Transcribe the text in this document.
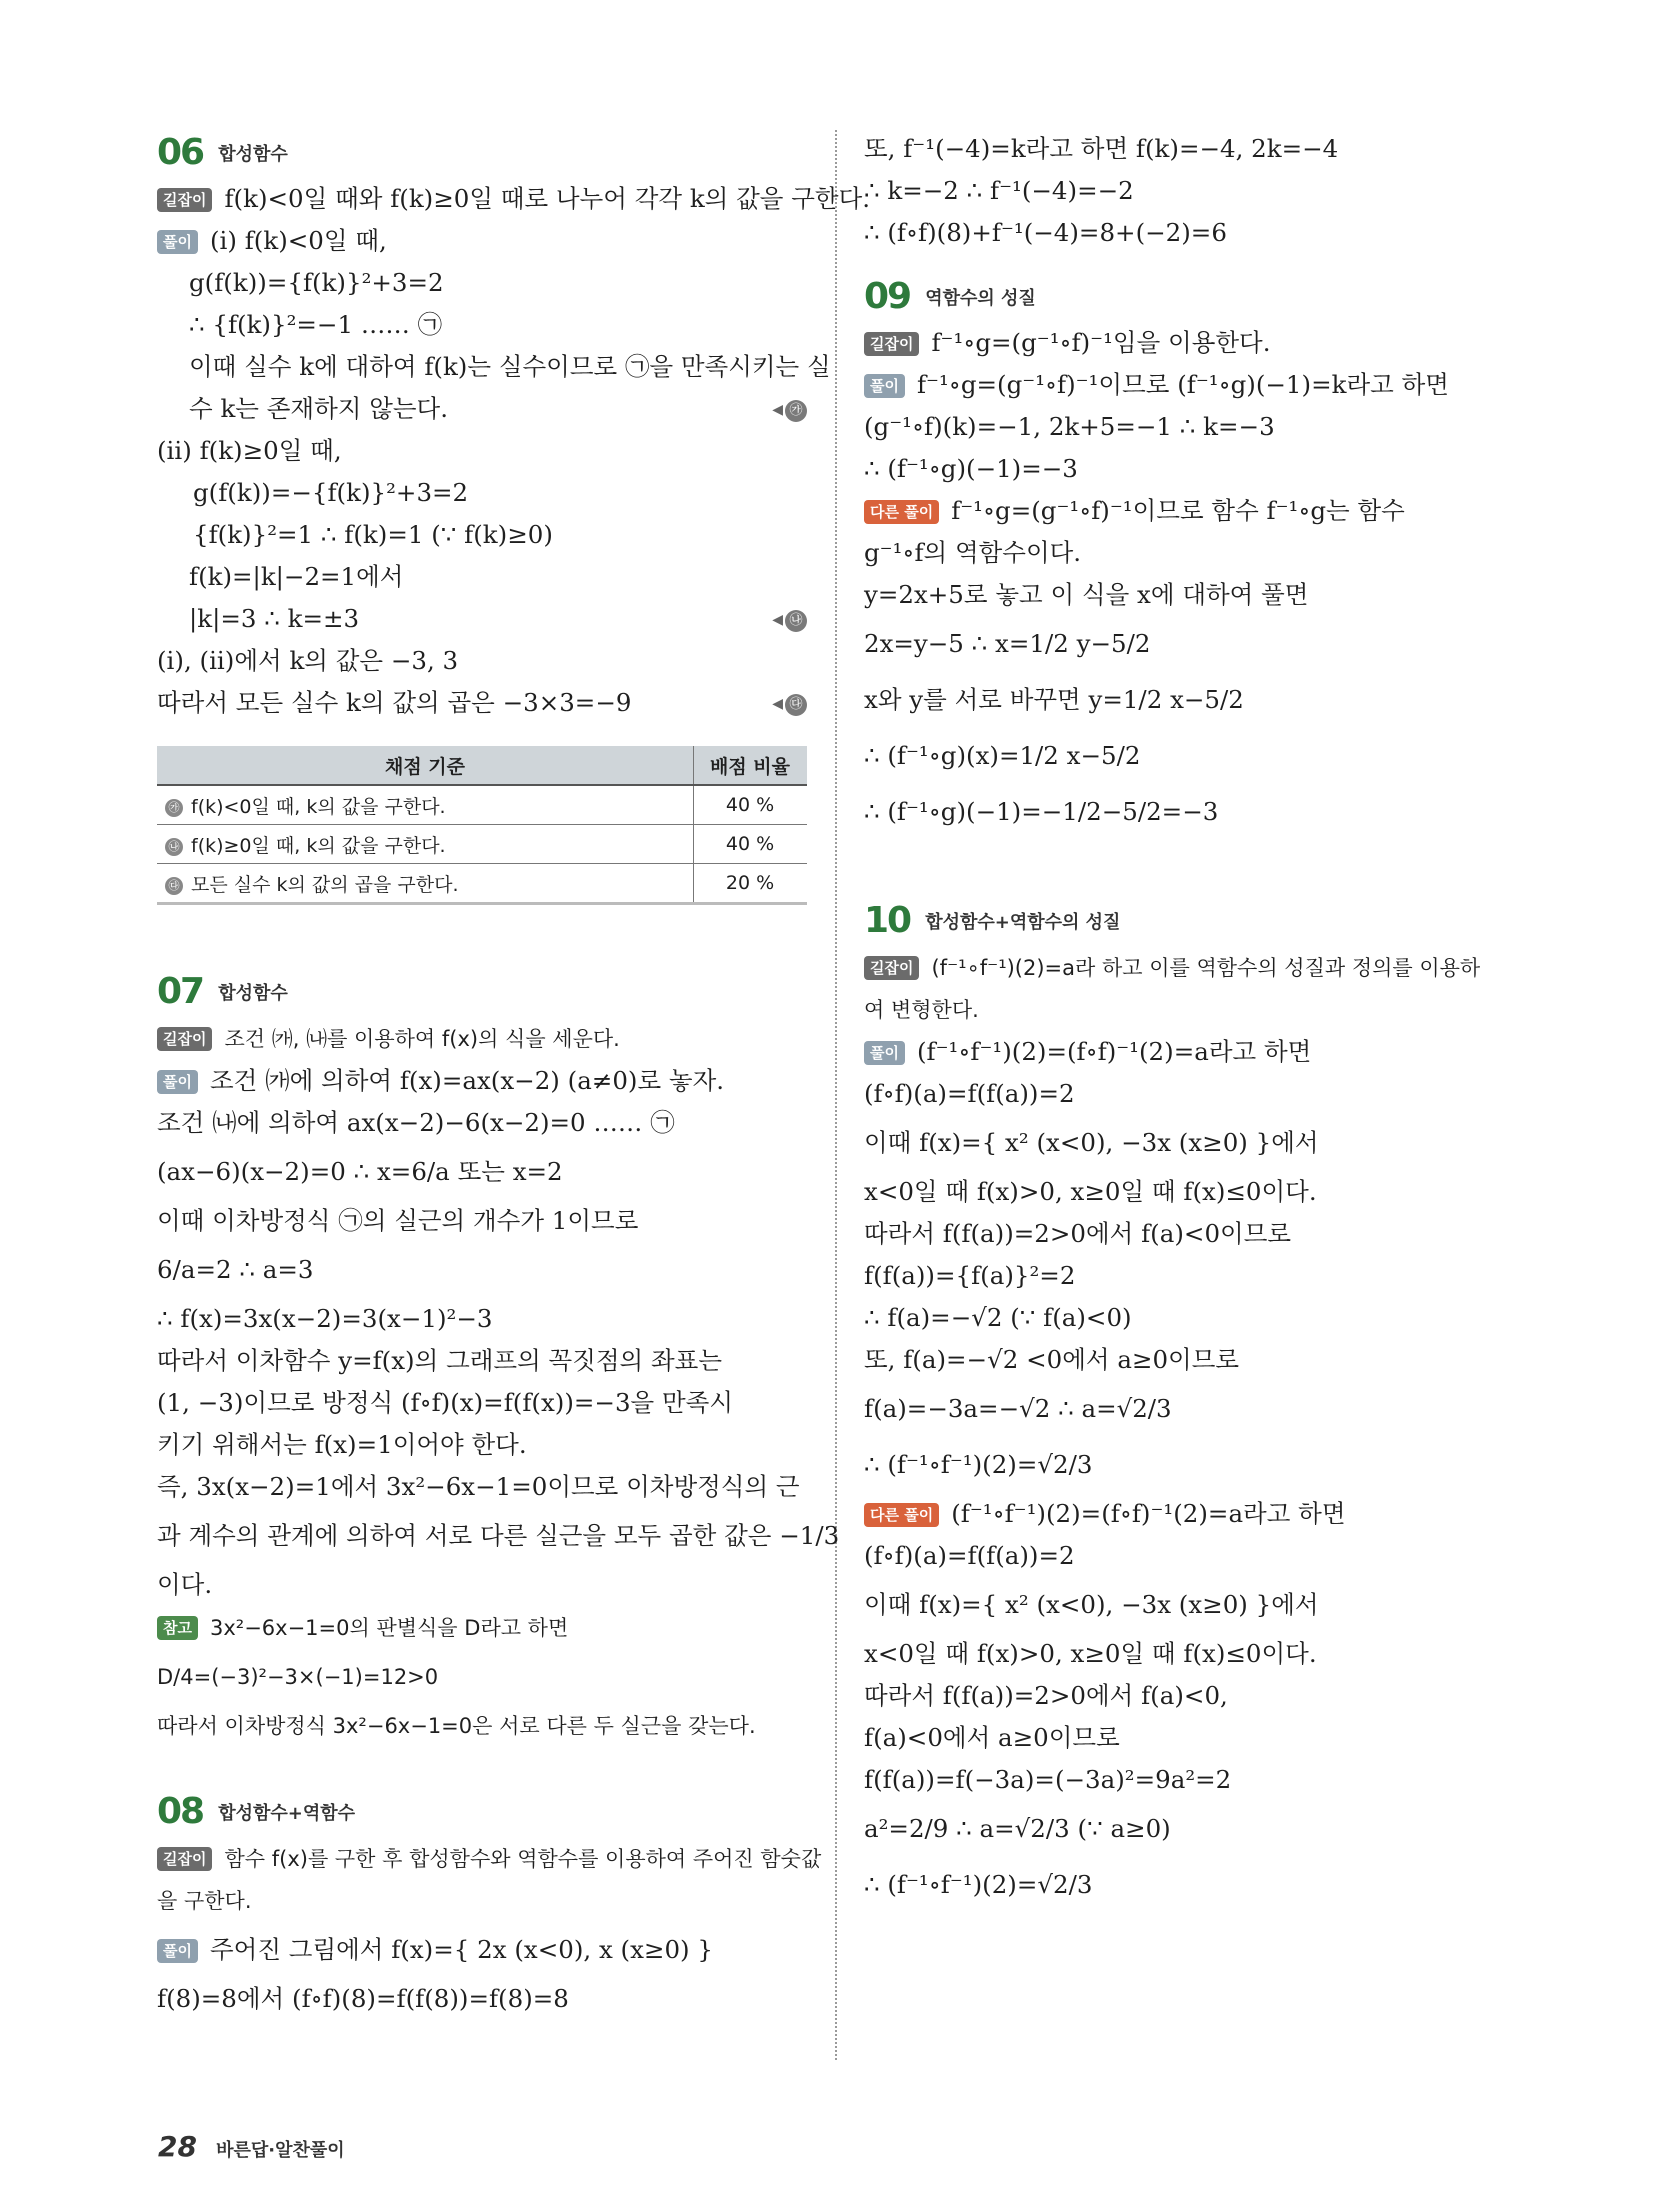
06 합성함수
길잡이 f(k)<0일 때와 f(k)≥0일 때로 나누어 각각 k의 값을 구한다.
풀이 (i) f(k)<0일 때,
g(f(k))={f(k)}²+3=2
∴ {f(k)}²=−1 …… ㉠
이때 실수 k에 대하여 f(k)는 실수이므로 ㉠을 만족시키는 실
수 k는 존재하지 않는다.	◀ ㉮
(ii) f(k)≥0일 때,
g(f(k))=−{f(k)}²+3=2
{f(k)}²=1 ∴ f(k)=1 (∵ f(k)≥0)
f(k)=|k|−2=1에서
|k|=3 ∴ k=±3	◀ ㉯
(i), (ii)에서 k의 값은 −3, 3
따라서 모든 실수 k의 값의 곱은 −3×3=−9	◀ ㉰
채점 기준	배점 비율
㉮ f(k)<0일 때, k의 값을 구한다.	40 %
㉯ f(k)≥0일 때, k의 값을 구한다.	40 %
㉰ 모든 실수 k의 값의 곱을 구한다.	20 %
07 합성함수
길잡이 조건 ㈎, ㈏를 이용하여 f(x)의 식을 세운다.
풀이 조건 ㈎에 의하여 f(x)=ax(x−2) (a≠0)로 놓자.
조건 ㈏에 의하여 ax(x−2)−6(x−2)=0 …… ㉠
(ax−6)(x−2)=0 ∴ x=6/a 또는 x=2
이때 이차방정식 ㉠의 실근의 개수가 1이므로
6/a=2 ∴ a=3
∴ f(x)=3x(x−2)=3(x−1)²−3
따라서 이차함수 y=f(x)의 그래프의 꼭짓점의 좌표는
(1, −3)이므로 방정식 (f∘f)(x)=f(f(x))=−3을 만족시
키기 위해서는 f(x)=1이어야 한다.
즉, 3x(x−2)=1에서 3x²−6x−1=0이므로 이차방정식의 근
과 계수의 관계에 의하여 서로 다른 실근을 모두 곱한 값은 −1/3
이다.
참고 3x²−6x−1=0의 판별식을 D라고 하면
D/4=(−3)²−3×(−1)=12>0
따라서 이차방정식 3x²−6x−1=0은 서로 다른 두 실근을 갖는다.
08 합성함수+역함수
길잡이 함수 f(x)를 구한 후 합성함수와 역함수를 이용하여 주어진 함숫값
을 구한다.
풀이 주어진 그림에서 f(x)={ 2x (x<0), x (x≥0) }
f(8)=8에서 (f∘f)(8)=f(f(8))=f(8)=8
또, f⁻¹(−4)=k라고 하면 f(k)=−4, 2k=−4
∴ k=−2 ∴ f⁻¹(−4)=−2
∴ (f∘f)(8)+f⁻¹(−4)=8+(−2)=6
09 역함수의 성질
길잡이 f⁻¹∘g=(g⁻¹∘f)⁻¹임을 이용한다.
풀이 f⁻¹∘g=(g⁻¹∘f)⁻¹이므로 (f⁻¹∘g)(−1)=k라고 하면
(g⁻¹∘f)(k)=−1, 2k+5=−1 ∴ k=−3
∴ (f⁻¹∘g)(−1)=−3
다른 풀이 f⁻¹∘g=(g⁻¹∘f)⁻¹이므로 함수 f⁻¹∘g는 함수
g⁻¹∘f의 역함수이다.
y=2x+5로 놓고 이 식을 x에 대하여 풀면
2x=y−5 ∴ x=1/2 y−5/2
x와 y를 서로 바꾸면 y=1/2 x−5/2
∴ (f⁻¹∘g)(x)=1/2 x−5/2
∴ (f⁻¹∘g)(−1)=−1/2−5/2=−3
10 합성함수+역함수의 성질
길잡이 (f⁻¹∘f⁻¹)(2)=a라 하고 이를 역함수의 성질과 정의를 이용하
여 변형한다.
풀이 (f⁻¹∘f⁻¹)(2)=(f∘f)⁻¹(2)=a라고 하면
(f∘f)(a)=f(f(a))=2
이때 f(x)={ x² (x<0), −3x (x≥0) }에서
x<0일 때 f(x)>0, x≥0일 때 f(x)≤0이다.
따라서 f(f(a))=2>0에서 f(a)<0이므로
f(f(a))={f(a)}²=2
∴ f(a)=−√2 (∵ f(a)<0)
또, f(a)=−√2 <0에서 a≥0이므로
f(a)=−3a=−√2 ∴ a=√2/3
∴ (f⁻¹∘f⁻¹)(2)=√2/3
다른 풀이 (f⁻¹∘f⁻¹)(2)=(f∘f)⁻¹(2)=a라고 하면
(f∘f)(a)=f(f(a))=2
이때 f(x)={ x² (x<0), −3x (x≥0) }에서
x<0일 때 f(x)>0, x≥0일 때 f(x)≤0이다.
따라서 f(f(a))=2>0에서 f(a)<0,
f(a)<0에서 a≥0이므로
f(f(a))=f(−3a)=(−3a)²=9a²=2
a²=2/9 ∴ a=√2/3 (∵ a≥0)
∴ (f⁻¹∘f⁻¹)(2)=√2/3
28 바른답·알찬풀이
